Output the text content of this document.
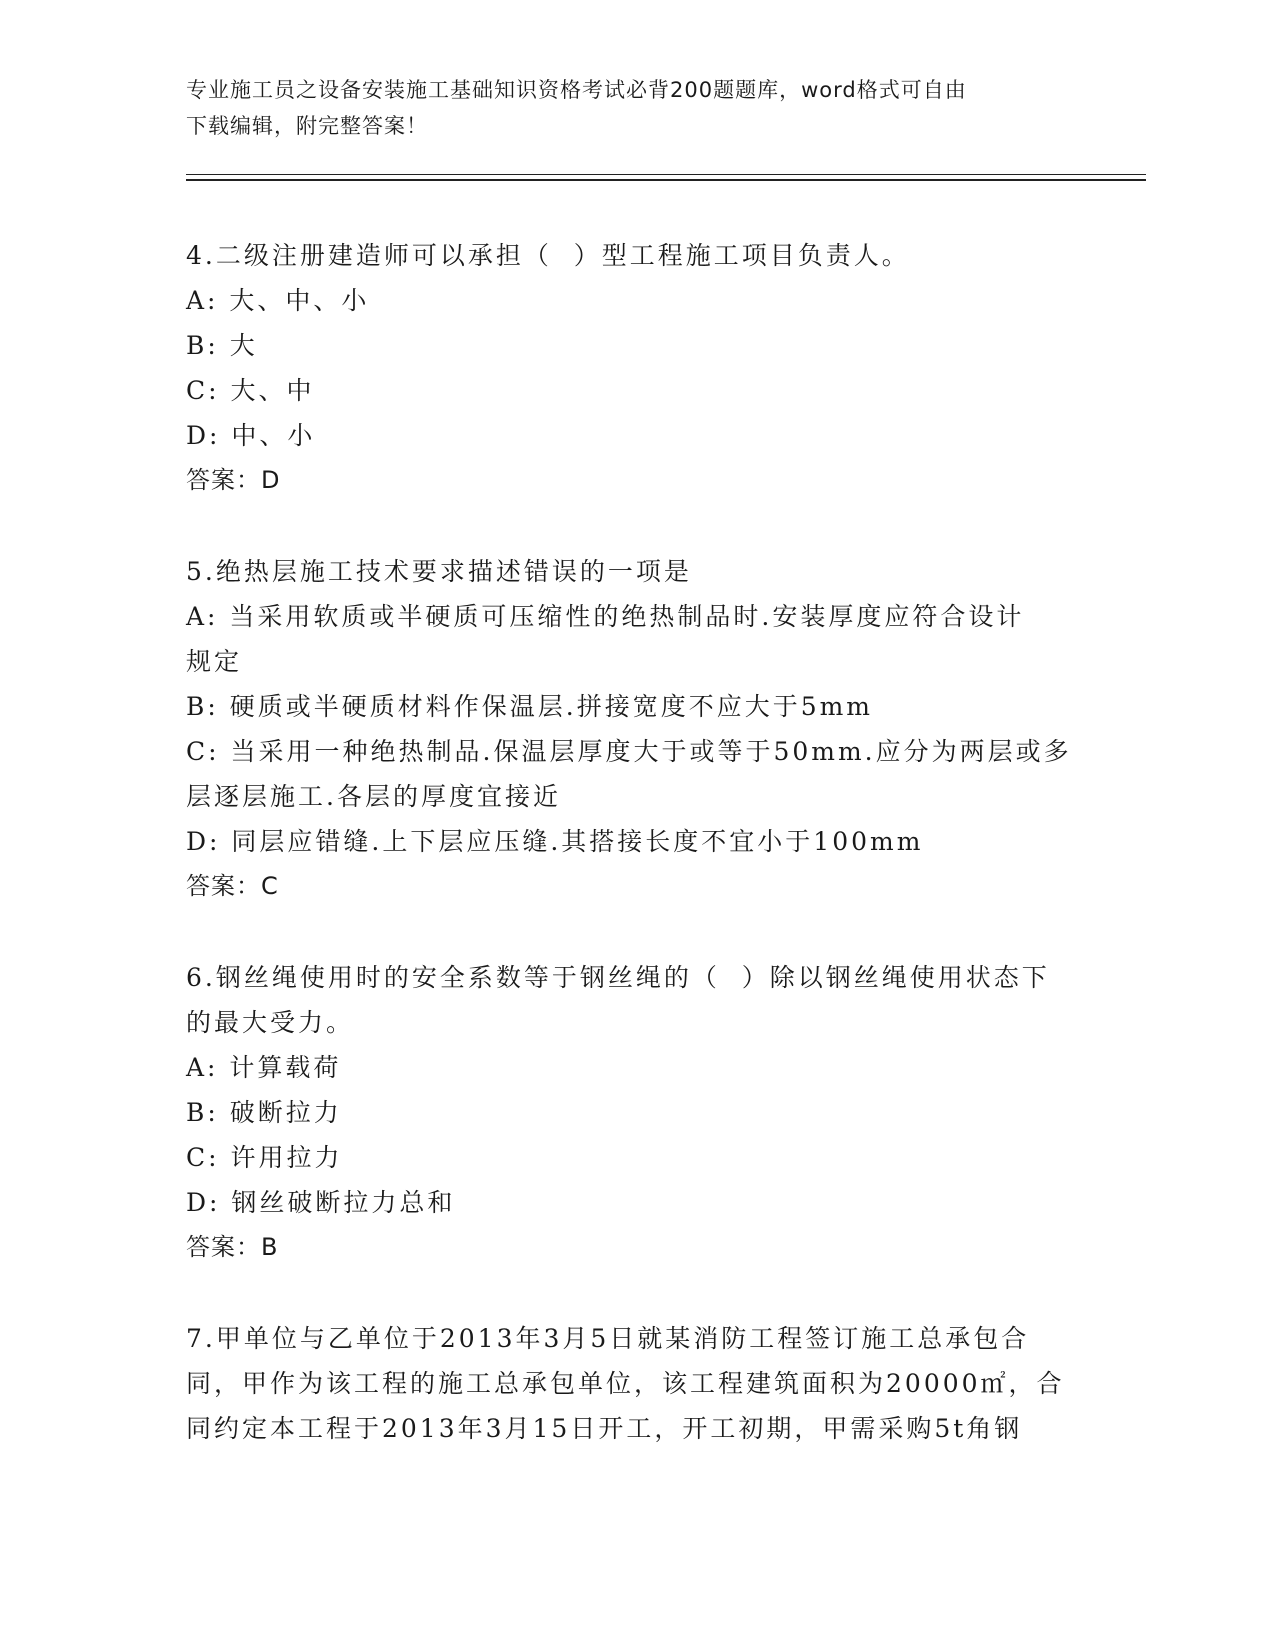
专业施工员之设备安装施工基础知识资格考试必背200题题库，word格式可自由
下载编辑，附完整答案！

4.二级注册建造师可以承担（  ）型工程施工项目负责人。

A: 大、中、小

B: 大

C: 大、中

D: 中、小

答案：D

5.绝热层施工技术要求描述错误的一项是

A: 当采用软质或半硬质可压缩性的绝热制品时.安装厚度应符合设计

规定

B: 硬质或半硬质材料作保温层.拼接宽度不应大于5mm

C: 当采用一种绝热制品.保温层厚度大于或等于50mm.应分为两层或多

层逐层施工.各层的厚度宜接近

D: 同层应错缝.上下层应压缝.其搭接长度不宜小于100mm

答案：C

6.钢丝绳使用时的安全系数等于钢丝绳的（  ）除以钢丝绳使用状态下

的最大受力。

A: 计算载荷

B: 破断拉力

C: 许用拉力

D: 钢丝破断拉力总和

答案：B

7.甲单位与乙单位于2013年3月5日就某消防工程签订施工总承包合

同，甲作为该工程的施工总承包单位，该工程建筑面积为20000㎡，合

同约定本工程于2013年3月15日开工，开工初期，甲需采购5t角钢
